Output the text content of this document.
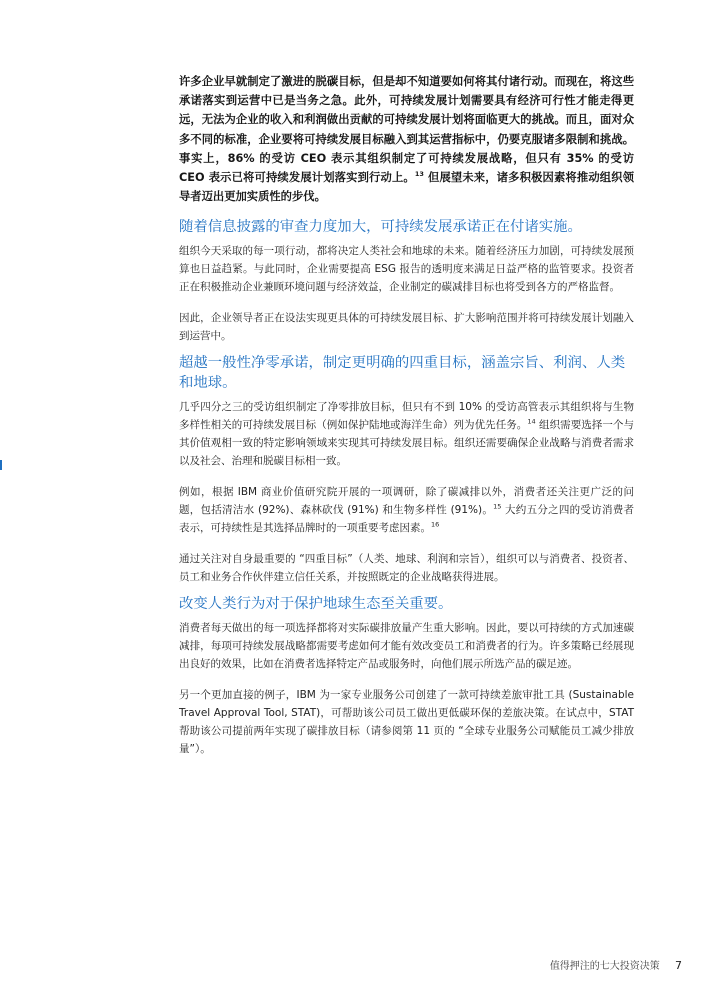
许多企业早就制定了激进的脱碳目标，但是却不知道要如何将其付诸行动。而现在，将这些承诺落实到运营中已是当务之急。此外，可持续发展计划需要具有经济可行性才能走得更远，无法为企业的收入和利润做出贡献的可持续发展计划将面临更大的挑战。而且，面对众多不同的标准，企业要将可持续发展目标融入到其运营指标中，仍要克服诸多限制和挑战。事实上，86% 的受访 CEO 表示其组织制定了可持续发展战略，但只有 35% 的受访 CEO 表示已将可持续发展计划落实到行动上。$^{13}$ 但展望未来，诸多积极因素将推动组织领导者迈出更加实质性的步伐。

随着信息披露的审查力度加大，可持续发展承诺正在付诸实施。

组织今天采取的每一项行动，都将决定人类社会和地球的未来。随着经济压力加剧，可持续发展预算也日益趋紧。与此同时，企业需要提高 ESG 报告的透明度来满足日益严格的监管要求。投资者正在积极推动企业兼顾环境问题与经济效益，企业制定的碳减排目标也将受到各方的严格监督。

因此，企业领导者正在设法实现更具体的可持续发展目标、扩大影响范围并将可持续发展计划融入到运营中。

超越一般性净零承诺，制定更明确的四重目标，涵盖宗旨、利润、人类和地球。

几乎四分之三的受访组织制定了净零排放目标，但只有不到 10% 的受访高管表示其组织将与生物多样性相关的可持续发展目标（例如保护陆地或海洋生命）列为优先任务。$^{14}$ 组织需要选择一个与其价值观相一致的特定影响领域来实现其可持续发展目标。组织还需要确保企业战略与消费者需求以及社会、治理和脱碳目标相一致。

例如，根据 IBM 商业价值研究院开展的一项调研，除了碳减排以外，消费者还关注更广泛的问题，包括清洁水 (92%)、森林砍伐 (91%) 和生物多样性 (91%)。$^{15}$ 大约五分之四的受访消费者表示，可持续性是其选择品牌时的一项重要考虑因素。$^{16}$

通过关注对自身最重要的 “四重目标”（人类、地球、利润和宗旨），组织可以与消费者、投资者、员工和业务合作伙伴建立信任关系，并按照既定的企业战略获得进展。

改变人类行为对于保护地球生态至关重要。

消费者每天做出的每一项选择都将对实际碳排放量产生重大影响。因此，要以可持续的方式加速碳减排，每项可持续发展战略都需要考虑如何才能有效改变员工和消费者的行为。许多策略已经展现出良好的效果，比如在消费者选择特定产品或服务时，向他们展示所选产品的碳足迹。

另一个更加直接的例子，IBM 为一家专业服务公司创建了一款可持续差旅审批工具 (Sustainable Travel Approval Tool, STAT)，可帮助该公司员工做出更低碳环保的差旅决策。在试点中，STAT 帮助该公司提前两年实现了碳排放目标（请参阅第 11 页的 “全球专业服务公司赋能员工减少排放量”）。

值得押注的七大投资决策 7
